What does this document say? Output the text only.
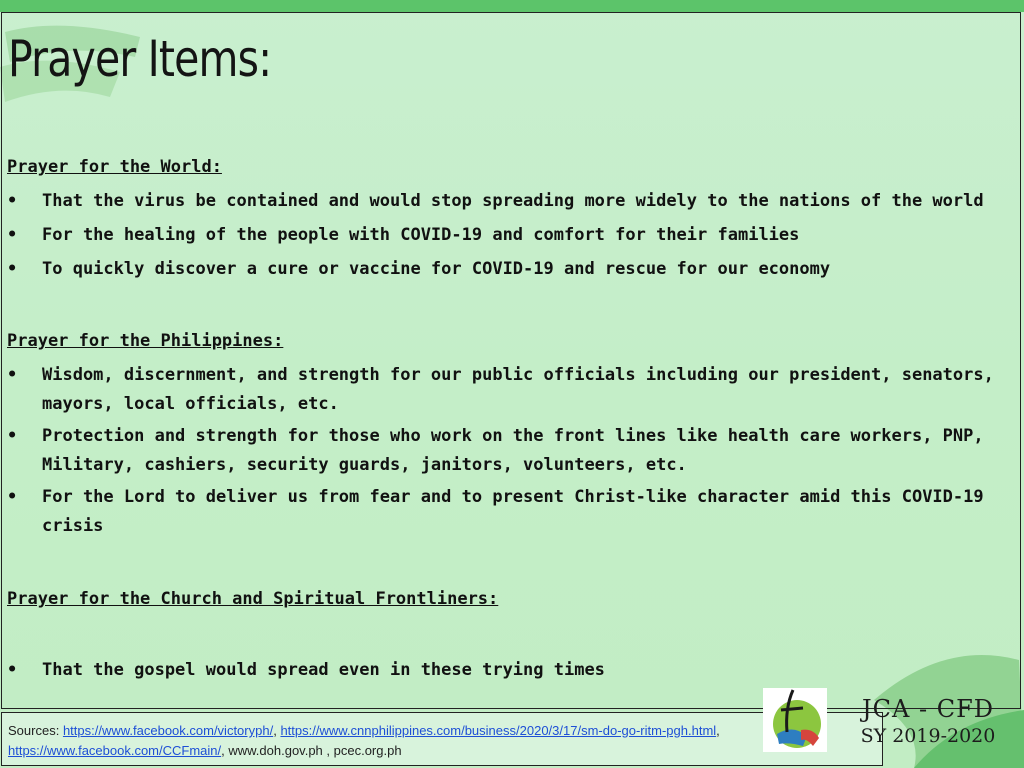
Prayer Items:

Prayer for the World:

•	That the virus be contained and would stop spreading more widely to the nations of the world
•	For the healing of the people with COVID-19 and comfort for their families
•	To quickly discover a cure or vaccine for COVID-19 and rescue for our economy

Prayer for the Philippines:

•	Wisdom, discernment, and strength for our public officials including our president, senators, mayors, local officials, etc.
•	Protection and strength for those who work on the front lines like health care workers, PNP, Military, cashiers, security guards, janitors, volunteers, etc.
•	For the Lord to deliver us from fear and to present Christ-like character amid this COVID-19 crisis

Prayer for the Church and Spiritual Frontliners:

•	That the gospel would spread even in these trying times
Sources: https://www.facebook.com/victoryph/, https://www.cnnphilippines.com/business/2020/3/17/sm-do-go-ritm-pgh.html, https://www.facebook.com/CCFmain/, www.doh.gov.ph , pcec.org.ph
JCA - CFD
SY 2019-2020
